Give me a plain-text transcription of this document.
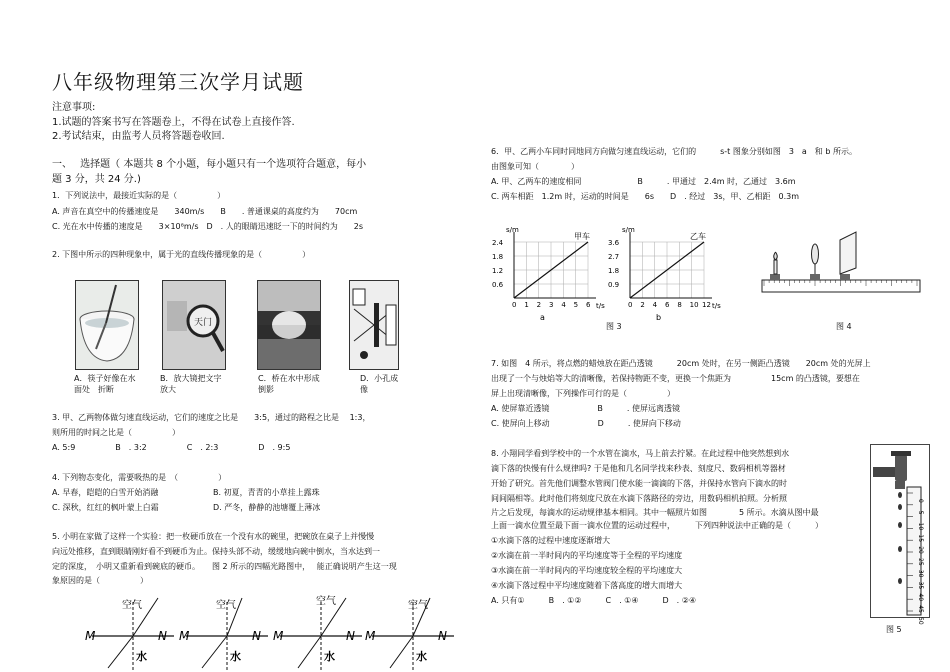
八年级物理第三次学月试题
注意事项:
1.试题的答案书写在答题卷上，不得在试卷上直接作答.
2.考试结束，由监考人员将答题卷收回.
一、　 选择题（ 本题共 8 个小题，每小题只有一个选项符合题意，每小
题 3 分，共 24 分.)
1．下列说法中，最接近实际的是（　　　　　）
A. 声音在真空中的传播速度是　　340m/s　　B　　. 普通课桌的高度约为　　70cm
C. 光在水中传播的速度是　　3×10⁸m/s　D　. 人的眼睛迅速眨一下的时间约为　　2s
2. 下图中所示的四种现象中，属于光的直线传播现象的是（　　　　　）
天门
A．筷子好像在水面处　折断
B．放大镜把文字放大
C．桥在水中形成　倒影
D．小孔成像
3. 甲、乙两物体做匀速直线运动，它们的速度之比是　　3:5，通过的路程之比是　 1:3，
则所用的时间之比是（　　　　　）
A. 5:9　　　　　B　. 3:2　　　　　C　. 2:3　　　　　D　. 9:5
4. 下列物态变化，需要吸热的是　（　　　　　）
A. 早春，皑皑的白雪开始消融	B. 初夏，青青的小草挂上露珠
C. 深秋，红红的枫叶蒙上白霜	D. 严冬，静静的池塘覆上薄冰
5. 小明在家做了这样一个实验：把一枚硬币放在一个没有水的碗里，把碗放在桌子上并慢慢
向远处推移，直到眼睛刚好看不到硬币为止。保持头部不动，缓缓地向碗中倒水，当水达到一
定的深度，　小明又重新看到碗底的硬币。　　图 2 所示的四幅光路图中，　 能正确说明产生这一现
象原因的是（　　　　　）
M	N
空气
水
M	N
空气
水
M	N
空气
水
M	N
空气
水
6．甲、乙两小车同时同地同方向做匀速直线运动，它们的　　　s-t 图象分别如图　3　a　和 b 所示。
由图象可知（　　　　）
A. 甲、乙两车的速度相同　　　　　　　B　　　. 甲通过　2.4m 时，乙通过　3.6m
C. 两车相距　1.2m 时，运动的时间是　　6s　　D　. 经过　3s，甲、乙相距　0.3m
0.6
1.2
1.8
2.4
0 1 2 3 4 5 6
s/m
甲车
t/s
a
0.9
1.8
2.7
3.6
0 2 4 6 8 10 12
s/m
乙车
t/s
b
图 3	图 4
7. 如图　4 所示，将点燃的蜡烛放在距凸透镜　　　20cm 处时，在另一侧距凸透镜　　20cm 处的光屏上
出现了一个与烛焰等大的清晰像，若保持物距不变，更换一个焦距为　　　　　15cm 的凸透镜，要想在
屏上出现清晰像，下列操作可行的是（　　　　　）
A. 使屏靠近透镜　　　　　　B　　　. 使屏远离透镜
C. 使屏向上移动　　　　　　D　　　. 使屏向下移动
8. 小翔同学看到学校中的一个水管在滴水，马上前去拧紧。在此过程中他突然想到水
滴下落的快慢有什么规律吗? 于是他和几名同学找来秒表、刻度尺、数码相机等器材
开始了研究。首先他们调整水管阀门使水能一滴滴的下落，并保持水管向下滴水的时
间间隔相等。此时他们将刻度尺放在水滴下落路径的旁边，用数码相机拍照。分析照
片之后发现，每滴水的运动规律基本相同。其中一幅照片如图　　　　5 所示。水滴从图中最
上面一滴水位置至最下面一滴水位置的运动过程中，　　　下列四种说法中正确的是（　　　）
①水滴下落的过程中速度逐渐增大
②水滴在前一半时间内的平均速度等于全程的平均速度
③水滴在前一半时间内的平均速度较全程的平均速度大
④水滴下落过程中平均速度随着下落高度的增大而增大
A. 只有①　　　B　. ①②　　　C　. ①④　　　D　. ②④
0
5
10
15
20
25
30
35
40
45
50
图 5
